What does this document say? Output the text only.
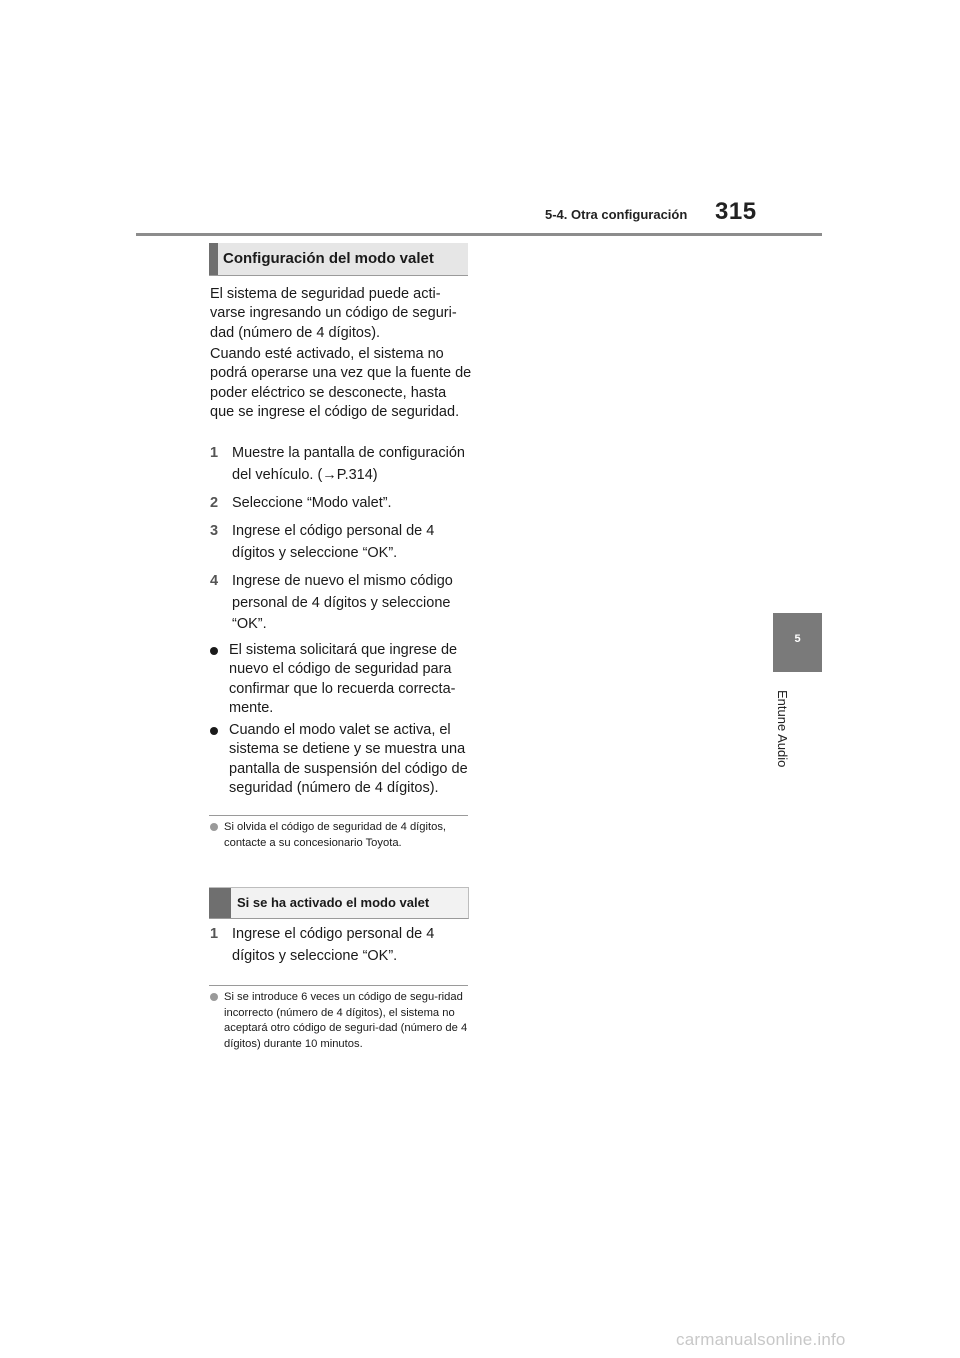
5-4. Otra configuración 315
5
Entune Audio
Configuración del modo valet

El sistema de seguridad puede acti-varse ingresando un código de seguri-dad (número de 4 dígitos).

Cuando esté activado, el sistema no podrá operarse una vez que la fuente de poder eléctrico se desconecte, hasta que se ingrese el código de seguridad.

1 Muestre la pantalla de configuración del vehículo. (→P.314)
2 Seleccione “Modo valet”.
3 Ingrese el código personal de 4 dígitos y seleccione “OK”.
4 Ingrese de nuevo el mismo código personal de 4 dígitos y seleccione “OK”.
El sistema solicitará que ingrese de nuevo el código de seguridad para confirmar que lo recuerda correcta-mente.
Cuando el modo valet se activa, el sistema se detiene y se muestra una pantalla de suspensión del código de seguridad (número de 4 dígitos).
Si olvida el código de seguridad de 4 dígitos, contacte a su concesionario Toyota.
Si se ha activado el modo valet
1 Ingrese el código personal de 4 dígitos y seleccione “OK”.
Si se introduce 6 veces un código de segu-ridad incorrecto (número de 4 dígitos), el sistema no aceptará otro código de seguri-dad (número de 4 dígitos) durante 10 minutos.
carmanualsonline.info
